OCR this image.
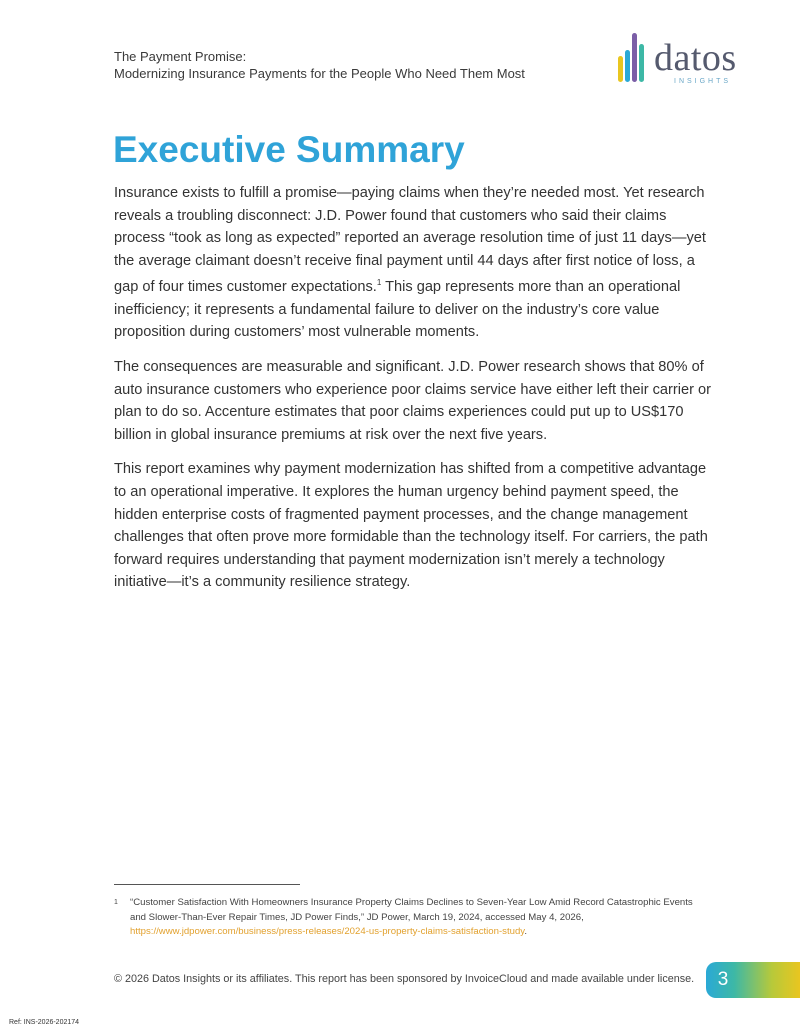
The Payment Promise:
Modernizing Insurance Payments for the People Who Need Them Most	datos
INSIGHTS
Executive Summary

Insurance exists to fulfill a promise—paying claims when they’re needed most. Yet research reveals a troubling disconnect: J.D. Power found that customers who said their claims process “took as long as expected” reported an average resolution time of just 11 days—yet the average claimant doesn’t receive final payment until 44 days after first notice of loss, a gap of four times customer expectations.$^1$ This gap represents more than an operational inefficiency; it represents a fundamental failure to deliver on the industry’s core value proposition during customers’ most vulnerable moments.

The consequences are measurable and significant. J.D. Power research shows that 80% of auto insurance customers who experience poor claims service have either left their carrier or plan to do so. Accenture estimates that poor claims experiences could put up to US$170 billion in global insurance premiums at risk over the next five years.

This report examines why payment modernization has shifted from a competitive advantage to an operational imperative. It explores the human urgency behind payment speed, the hidden enterprise costs of fragmented payment processes, and the change management challenges that often prove more formidable than the technology itself. For carriers, the path forward requires understanding that payment modernization isn’t merely a technology initiative—it’s a community resilience strategy.

1	“Customer Satisfaction With Homeowners Insurance Property Claims Declines to Seven-Year Low Amid Record Catastrophic Events and Slower-Than-Ever Repair Times, JD Power Finds,” JD Power, March 19, 2024, accessed May 4, 2026, https://www.jdpower.com/business/press-releases/2024-us-property-claims-satisfaction-study.
© 2026 Datos Insights or its affiliates. This report has been sponsored by InvoiceCloud and made available under license.	3
Ref: INS-2026-202174
